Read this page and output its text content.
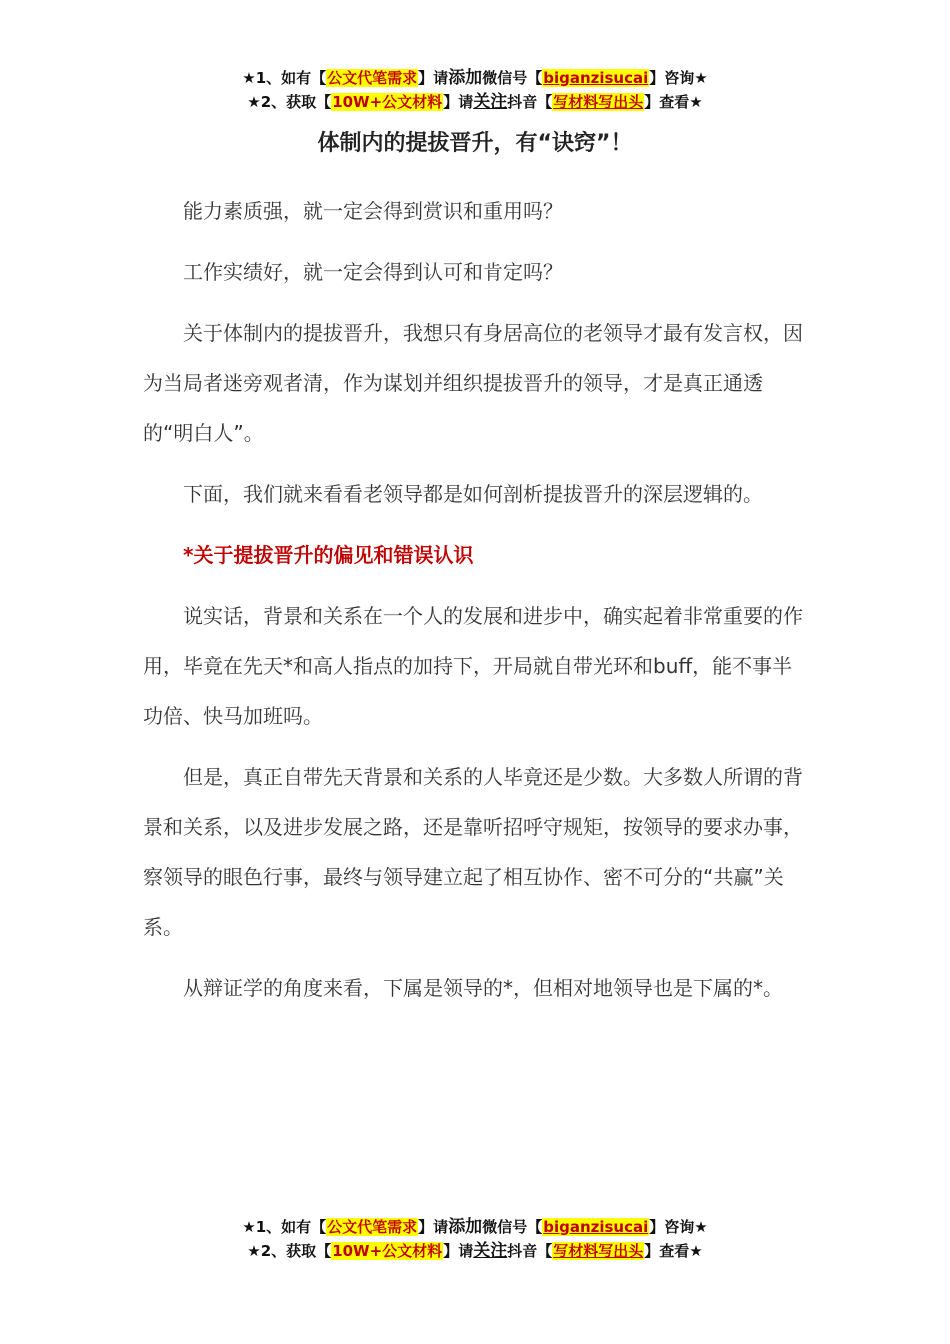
★1、如有【公文代笔需求】请添加微信号【biganzisucai】咨询★
★2、获取【10W+公文材料】请关注抖音【写材料写出头】查看★
体制内的提拔晋升，有“诀窍”！

能力素质强，就一定会得到赏识和重用吗？

工作实绩好，就一定会得到认可和肯定吗？

关于体制内的提拔晋升，我想只有身居高位的老领导才最有发言权，因为当局者迷旁观者清，作为谋划并组织提拔晋升的领导，才是真正通透的“明白人”。

下面，我们就来看看老领导都是如何剖析提拔晋升的深层逻辑的。

*关于提拔晋升的偏见和错误认识

说实话，背景和关系在一个人的发展和进步中，确实起着非常重要的作用，毕竟在先天*和高人指点的加持下，开局就自带光环和buff，能不事半功倍、快马加班吗。

但是，真正自带先天背景和关系的人毕竟还是少数。大多数人所谓的背景和关系，以及进步发展之路，还是靠听招呼守规矩，按领导的要求办事，察领导的眼色行事，最终与领导建立起了相互协作、密不可分的“共赢”关系。

从辩证学的角度来看，下属是领导的*，但相对地领导也是下属的*。

★1、如有【公文代笔需求】请添加微信号【biganzisucai】咨询★
★2、获取【10W+公文材料】请关注抖音【写材料写出头】查看★
